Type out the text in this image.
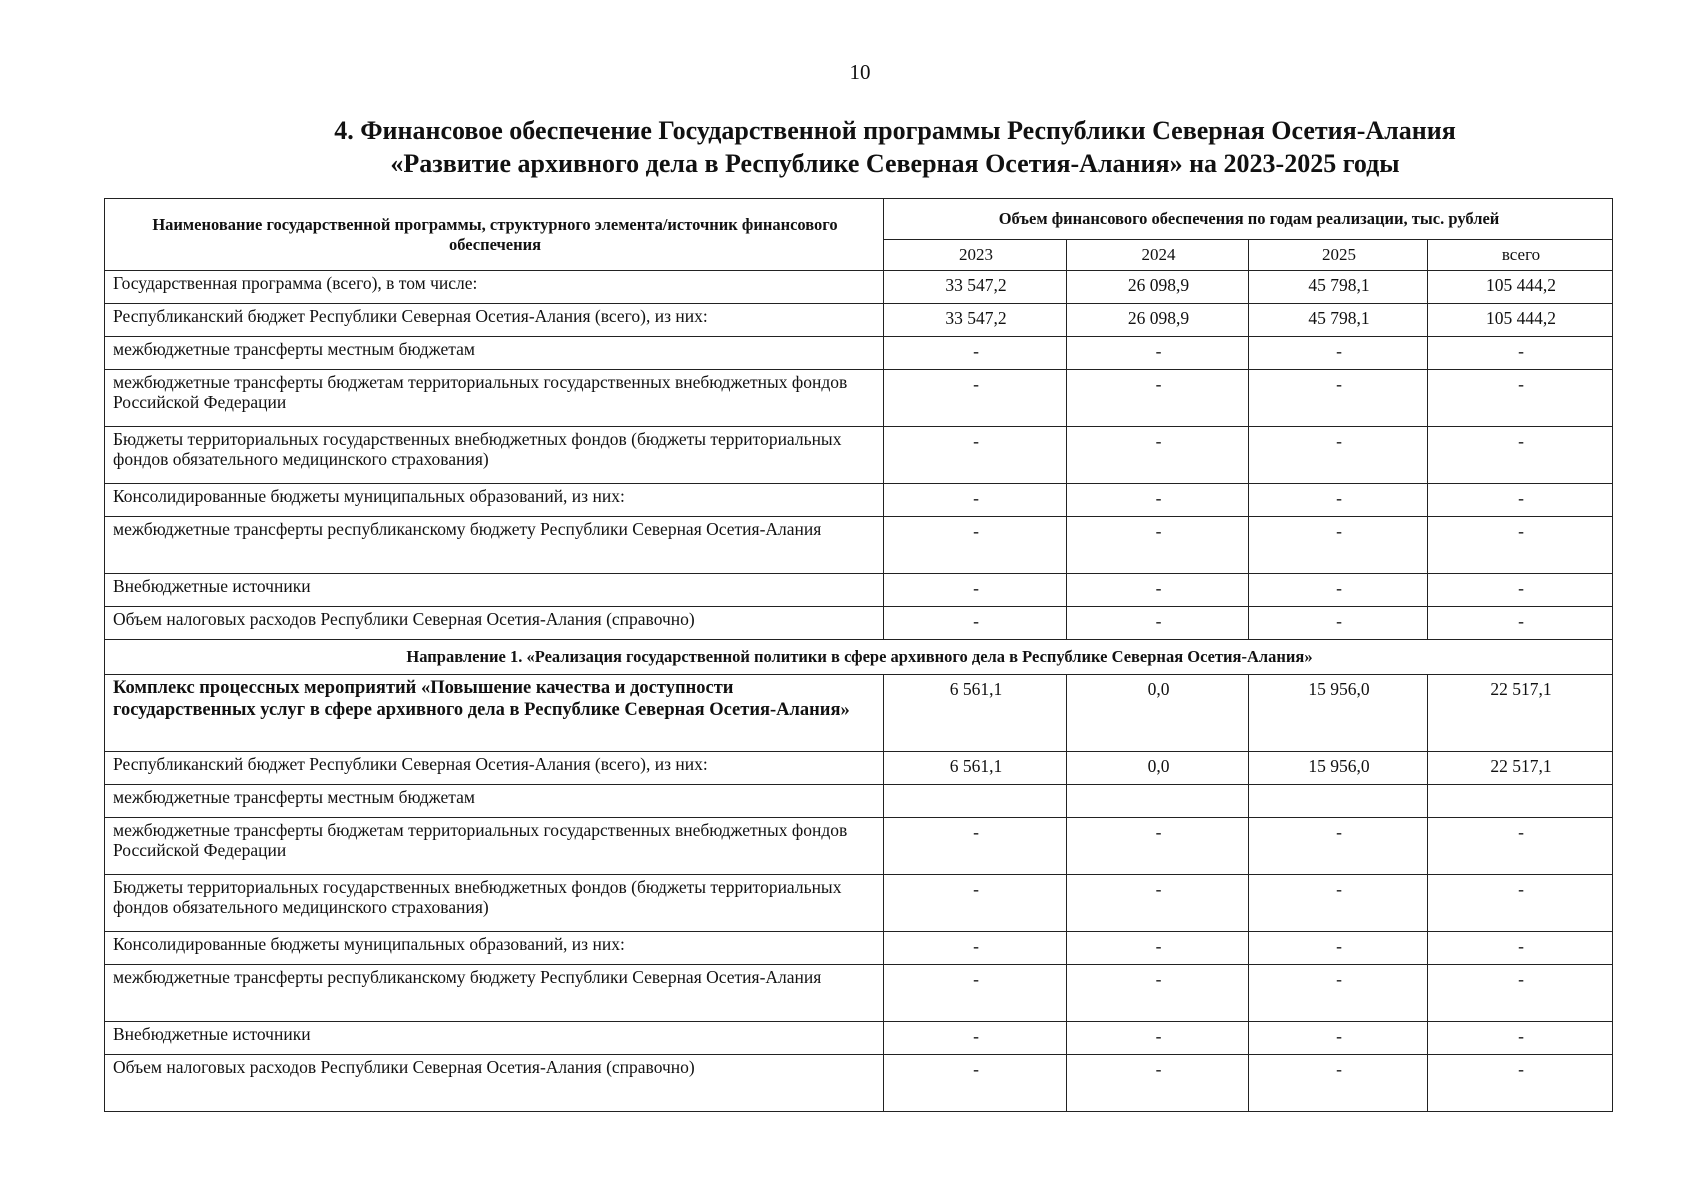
10
4. Финансовое обеспечение Государственной программы Республики Северная Осетия-Алания
«Развитие архивного дела в Республике Северная Осетия-Алания» на 2023-2025 годы
Наименование государственной программы, структурного элемента/источник финансового обеспечения	Объем финансового обеспечения по годам реализации, тыс. рублей			
	2023	2024	2025	всего
Государственная программа (всего), в том числе:	33 547,2	26 098,9	45 798,1	105 444,2
Республиканский бюджет Республики Северная Осетия-Алания (всего), из них:	33 547,2	26 098,9	45 798,1	105 444,2
межбюджетные трансферты местным бюджетам	-	-	-	-
межбюджетные трансферты бюджетам территориальных государственных внебюджетных фондов Российской Федерации	-	-	-	-
Бюджеты территориальных государственных внебюджетных фондов (бюджеты территориальных фондов обязательного медицинского страхования)	-	-	-	-
Консолидированные бюджеты муниципальных образований, из них:	-	-	-	-
межбюджетные трансферты республиканскому бюджету Республики Северная Осетия-Алания	-	-	-	-
Внебюджетные источники	-	-	-	-
Объем налоговых расходов Республики Северная Осетия-Алания (справочно)	-	-	-	-
Направление 1. «Реализация государственной политики в сфере архивного дела в Республике Северная Осетия-Алания»				
Комплекс процессных мероприятий «Повышение качества и доступности государственных услуг в сфере архивного дела в Республике Северная Осетия-Алания»	6 561,1	0,0	15 956,0	22 517,1
Республиканский бюджет Республики Северная Осетия-Алания (всего), из них:	6 561,1	0,0	15 956,0	22 517,1
межбюджетные трансферты местным бюджетам				
межбюджетные трансферты бюджетам территориальных государственных внебюджетных фондов Российской Федерации	-	-	-	-
Бюджеты территориальных государственных внебюджетных фондов (бюджеты территориальных фондов обязательного медицинского страхования)	-	-	-	-
Консолидированные бюджеты муниципальных образований, из них:	-	-	-	-
межбюджетные трансферты республиканскому бюджету Республики Северная Осетия-Алания	-	-	-	-
Внебюджетные источники	-	-	-	-
Объем налоговых расходов Республики Северная Осетия-Алания (справочно)	-	-	-	-
